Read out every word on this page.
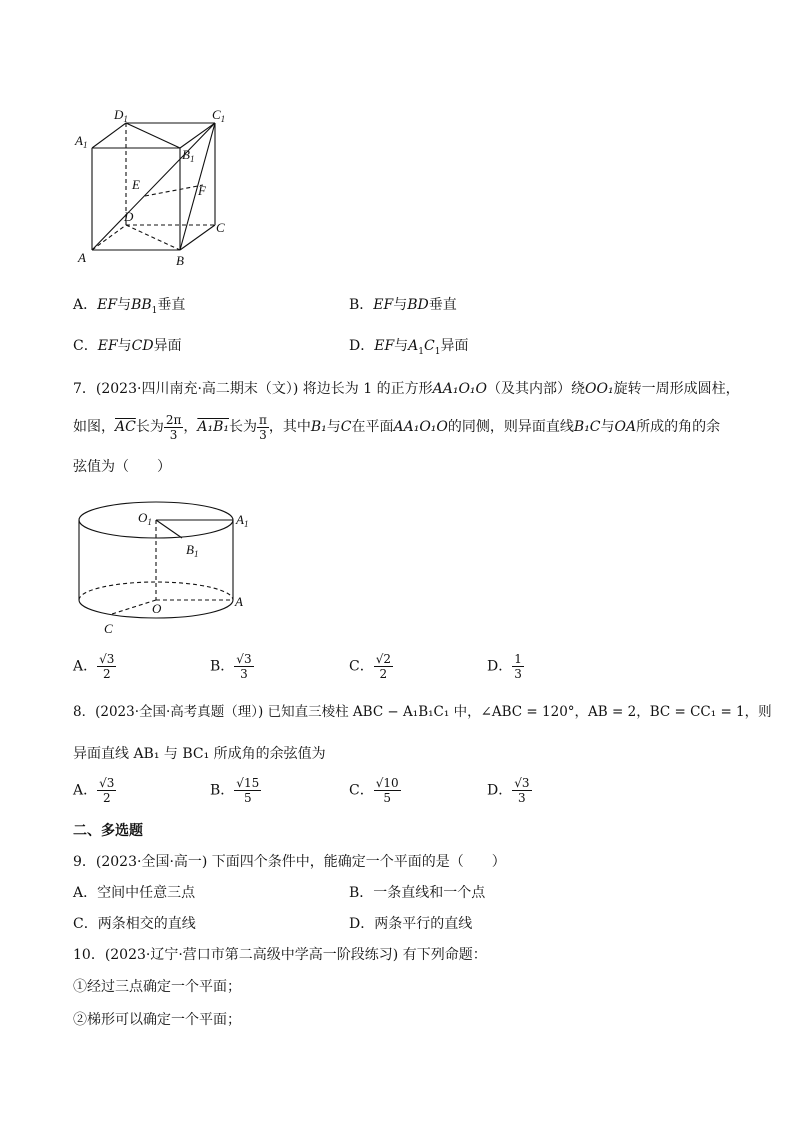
$A_1$
$D_1$	$C_1$
$B_1$
E	F
D
C
A	B
A．EF与$BB_1$垂直	B．EF与BD垂直
C．EF与CD异面	D．EF与$A_1C_1$异面
7．(2023·四川南充·高二期末（文）) 将边长为 1 的正方形AA₁O₁O（及其内部）绕OO₁旋转一周形成圆柱，
如图，$\overline{AC}$长为 $\frac{2\pi}{3}$ ，A₁B₁长为 $\frac{\pi}{3}$ ，其中B₁与C在平面AA₁O₁O的同侧，则异面直线B₁C与OA所成的角的余
弦值为（　　）
$O_1$	$A_1$
$B_1$
O	A
C
A． $\frac{√3}{2}$	B． $\frac{√3}{3}$	C． $\frac{√2}{2}$	D． $\frac{1}{3}$
8．(2023·全国·高考真题（理）) 已知直三棱柱 ABC − A₁B₁C₁ 中，∠ABC = 120°，AB = 2，BC = CC₁ = 1，则
异面直线 AB₁ 与 BC₁ 所成角的余弦值为
A． $\frac{√3}{2}$	B． $\frac{√15}{5}$	C． $\frac{√10}{5}$	D． $\frac{√3}{3}$
二、多选题
9．(2023·全国·高一) 下面四个条件中，能确定一个平面的是（　　）
A．空间中任意三点	B．一条直线和一个点
C．两条相交的直线	D．两条平行的直线
10．(2023·辽宁·营口市第二高级中学高一阶段练习) 有下列命题：
①经过三点确定一个平面；
②梯形可以确定一个平面；
